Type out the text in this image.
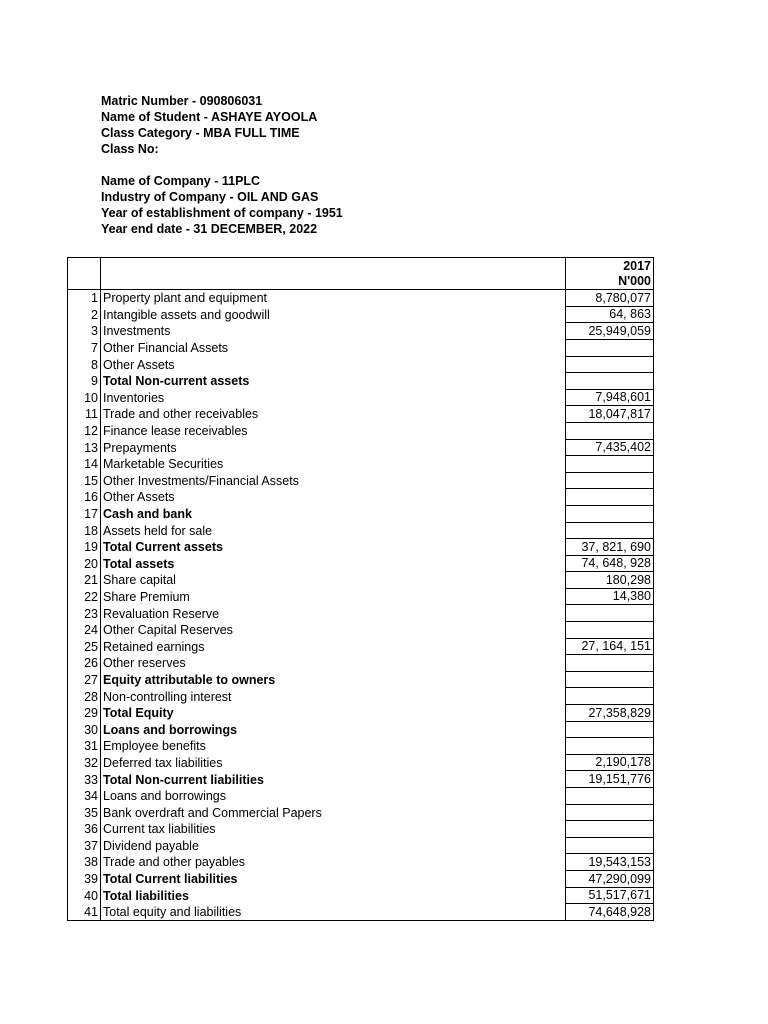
Matric Number - 090806031
Name of Student - ASHAYE AYOOLA
Class Category - MBA FULL TIME
Class No:
Name of Company - 11PLC
Industry of Company - OIL AND GAS
Year of establishment of company - 1951
Year end date - 31 DECEMBER, 2022
		2017
		N'000
1	Property plant and equipment	8,780,077
2	Intangible assets and goodwill	64, 863
3	Investments	25,949,059
7	Other Financial Assets	
8	Other Assets	
9	Total Non-current assets	
10	Inventories	7,948,601
11	Trade and other receivables	18,047,817
12	Finance lease receivables	
13	Prepayments	7,435,402
14	Marketable Securities	
15	Other Investments/Financial Assets	
16	Other Assets	
17	Cash and bank	
18	Assets held for sale	
19	Total Current assets	37, 821, 690
20	Total assets	74, 648, 928
21	Share capital	180,298
22	Share Premium	14,380
23	Revaluation Reserve	
24	Other Capital Reserves	
25	Retained earnings	27, 164, 151
26	Other reserves	
27	Equity attributable to owners	
28	Non-controlling interest	
29	Total Equity	27,358,829
30	Loans and borrowings	
31	Employee benefits	
32	Deferred tax liabilities	2,190,178
33	Total Non-current liabilities	19,151,776
34	Loans and borrowings	
35	Bank overdraft and Commercial Papers	
36	Current tax liabilities	
37	Dividend payable	
38	Trade and other payables	19,543,153
39	Total Current liabilities	47,290,099
40	Total liabilities	51,517,671
41	Total equity and liabilities	74,648,928
